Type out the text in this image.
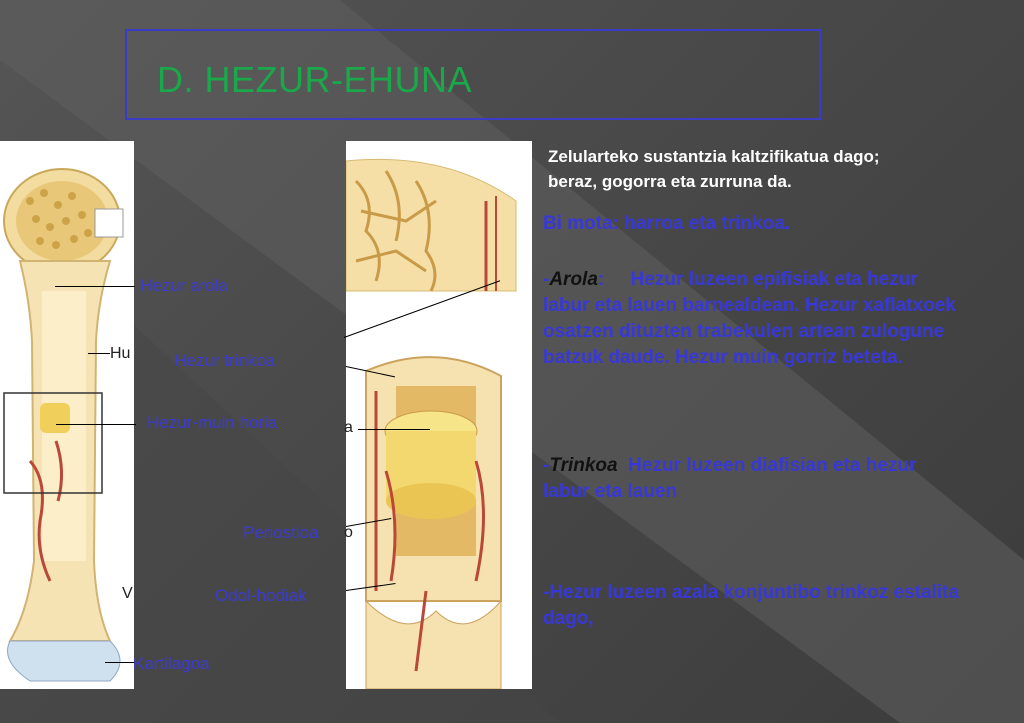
D. HEZUR-EHUNA
Hu
a
o
V
Hezur arola
Hezur trinkoa
Hezur-muin horia
Periostioa
Odol-hodiak
Kartilagoa
Zelularteko sustantzia kaltzifikatua dago;
beraz, gogorra eta zurruna da.
Bi mota: harroa eta trinkoa.
-Arola:     Hezur luzeen epifisiak eta hezur labur eta lauen barnealdean. Hezur xaflatxoek osatzen dituzten trabekulen artean zulogune batzuk daude. Hezur muin gorriz beteta.
-Trinkoa  Hezur luzeen diafisian eta hezur labur eta lauen
-Hezur luzeen azala konjuntibo trinkoz estalita dago,
